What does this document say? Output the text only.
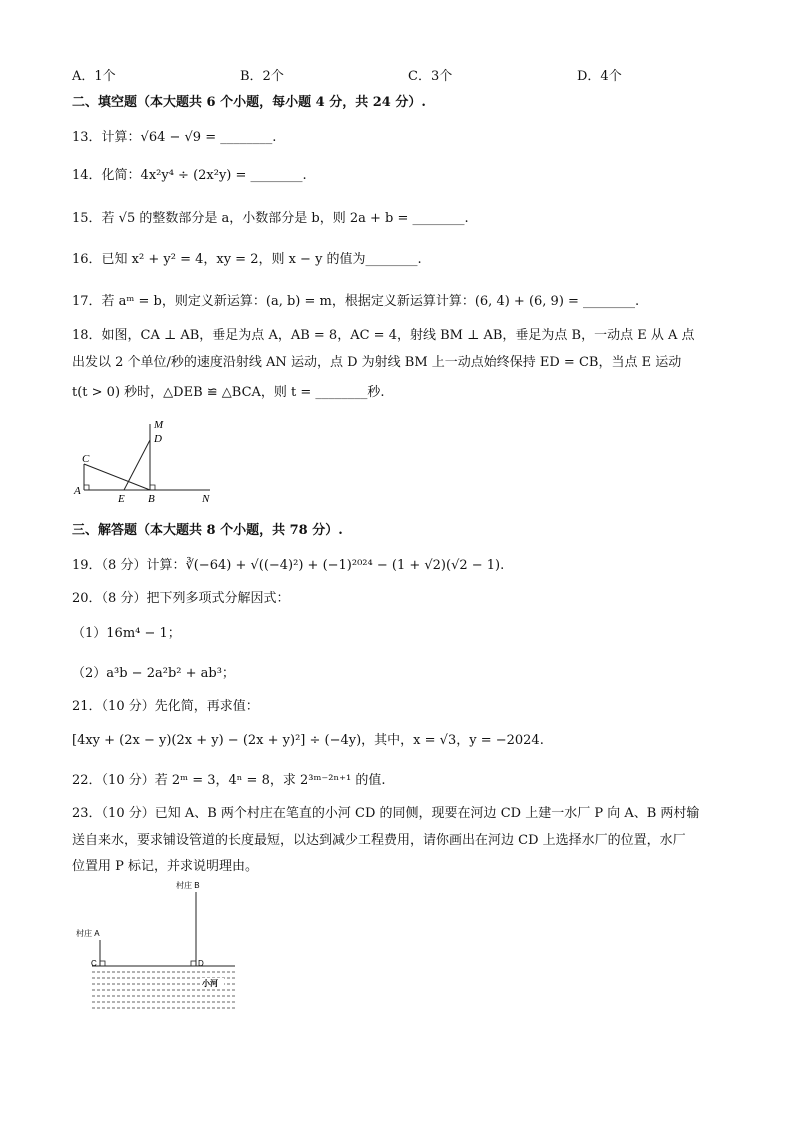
A．1个	B．2个	C．3个	D．4个
二、填空题（本大题共 6 个小题，每小题 4 分，共 24 分）.
13．计算：√64 − √9 = ________.
14．化简：4x²y⁴ ÷ (2x²y) = ________.
15．若 √5 的整数部分是 a，小数部分是 b，则 2a + b = ________.
16．已知 x² + y² = 4，xy = 2，则 x − y 的值为________.
17．若 aᵐ = b，则定义新运算：(a, b) = m，根据定义新运算计算：(6, 4) + (6, 9) = ________.
18．如图，CA ⊥ AB，垂足为点 A，AB = 8，AC = 4，射线 BM ⊥ AB，垂足为点 B，一动点 E 从 A 点
出发以 2 个单位/秒的速度沿射线 AN 运动，点 D 为射线 BM 上一动点始终保持 ED = CB，当点 E 运动
t(t > 0) 秒时，△DEB ≌ △BCA，则 t = ________秒.
M
D
C
A
E B	N
三、解答题（本大题共 8 个小题，共 78 分）.
19．（8 分）计算：∛(−64) + √((−4)²) + (−1)²⁰²⁴ − (1 + √2)(√2 − 1).
20．（8 分）把下列多项式分解因式：
（1）16m⁴ − 1；
（2）a³b − 2a²b² + ab³；
21．（10 分）先化简，再求值：
[4xy + (2x − y)(2x + y) − (2x + y)²] ÷ (−4y)，其中，x = √3，y = −2024.
22．（10 分）若 2ᵐ = 3，4ⁿ = 8，求 2³ᵐ⁻²ⁿ⁺¹ 的值.
23．（10 分）已知 A、B 两个村庄在笔直的小河 CD 的同侧，现要在河边 CD 上建一水厂 P 向 A、B 两村输
送自来水，要求铺设管道的长度最短，以达到减少工程费用，请你画出在河边 CD 上选择水厂的位置，水厂
位置用 P 标记，并求说明理由。
村庄 B
村庄 A
C	D
小河
